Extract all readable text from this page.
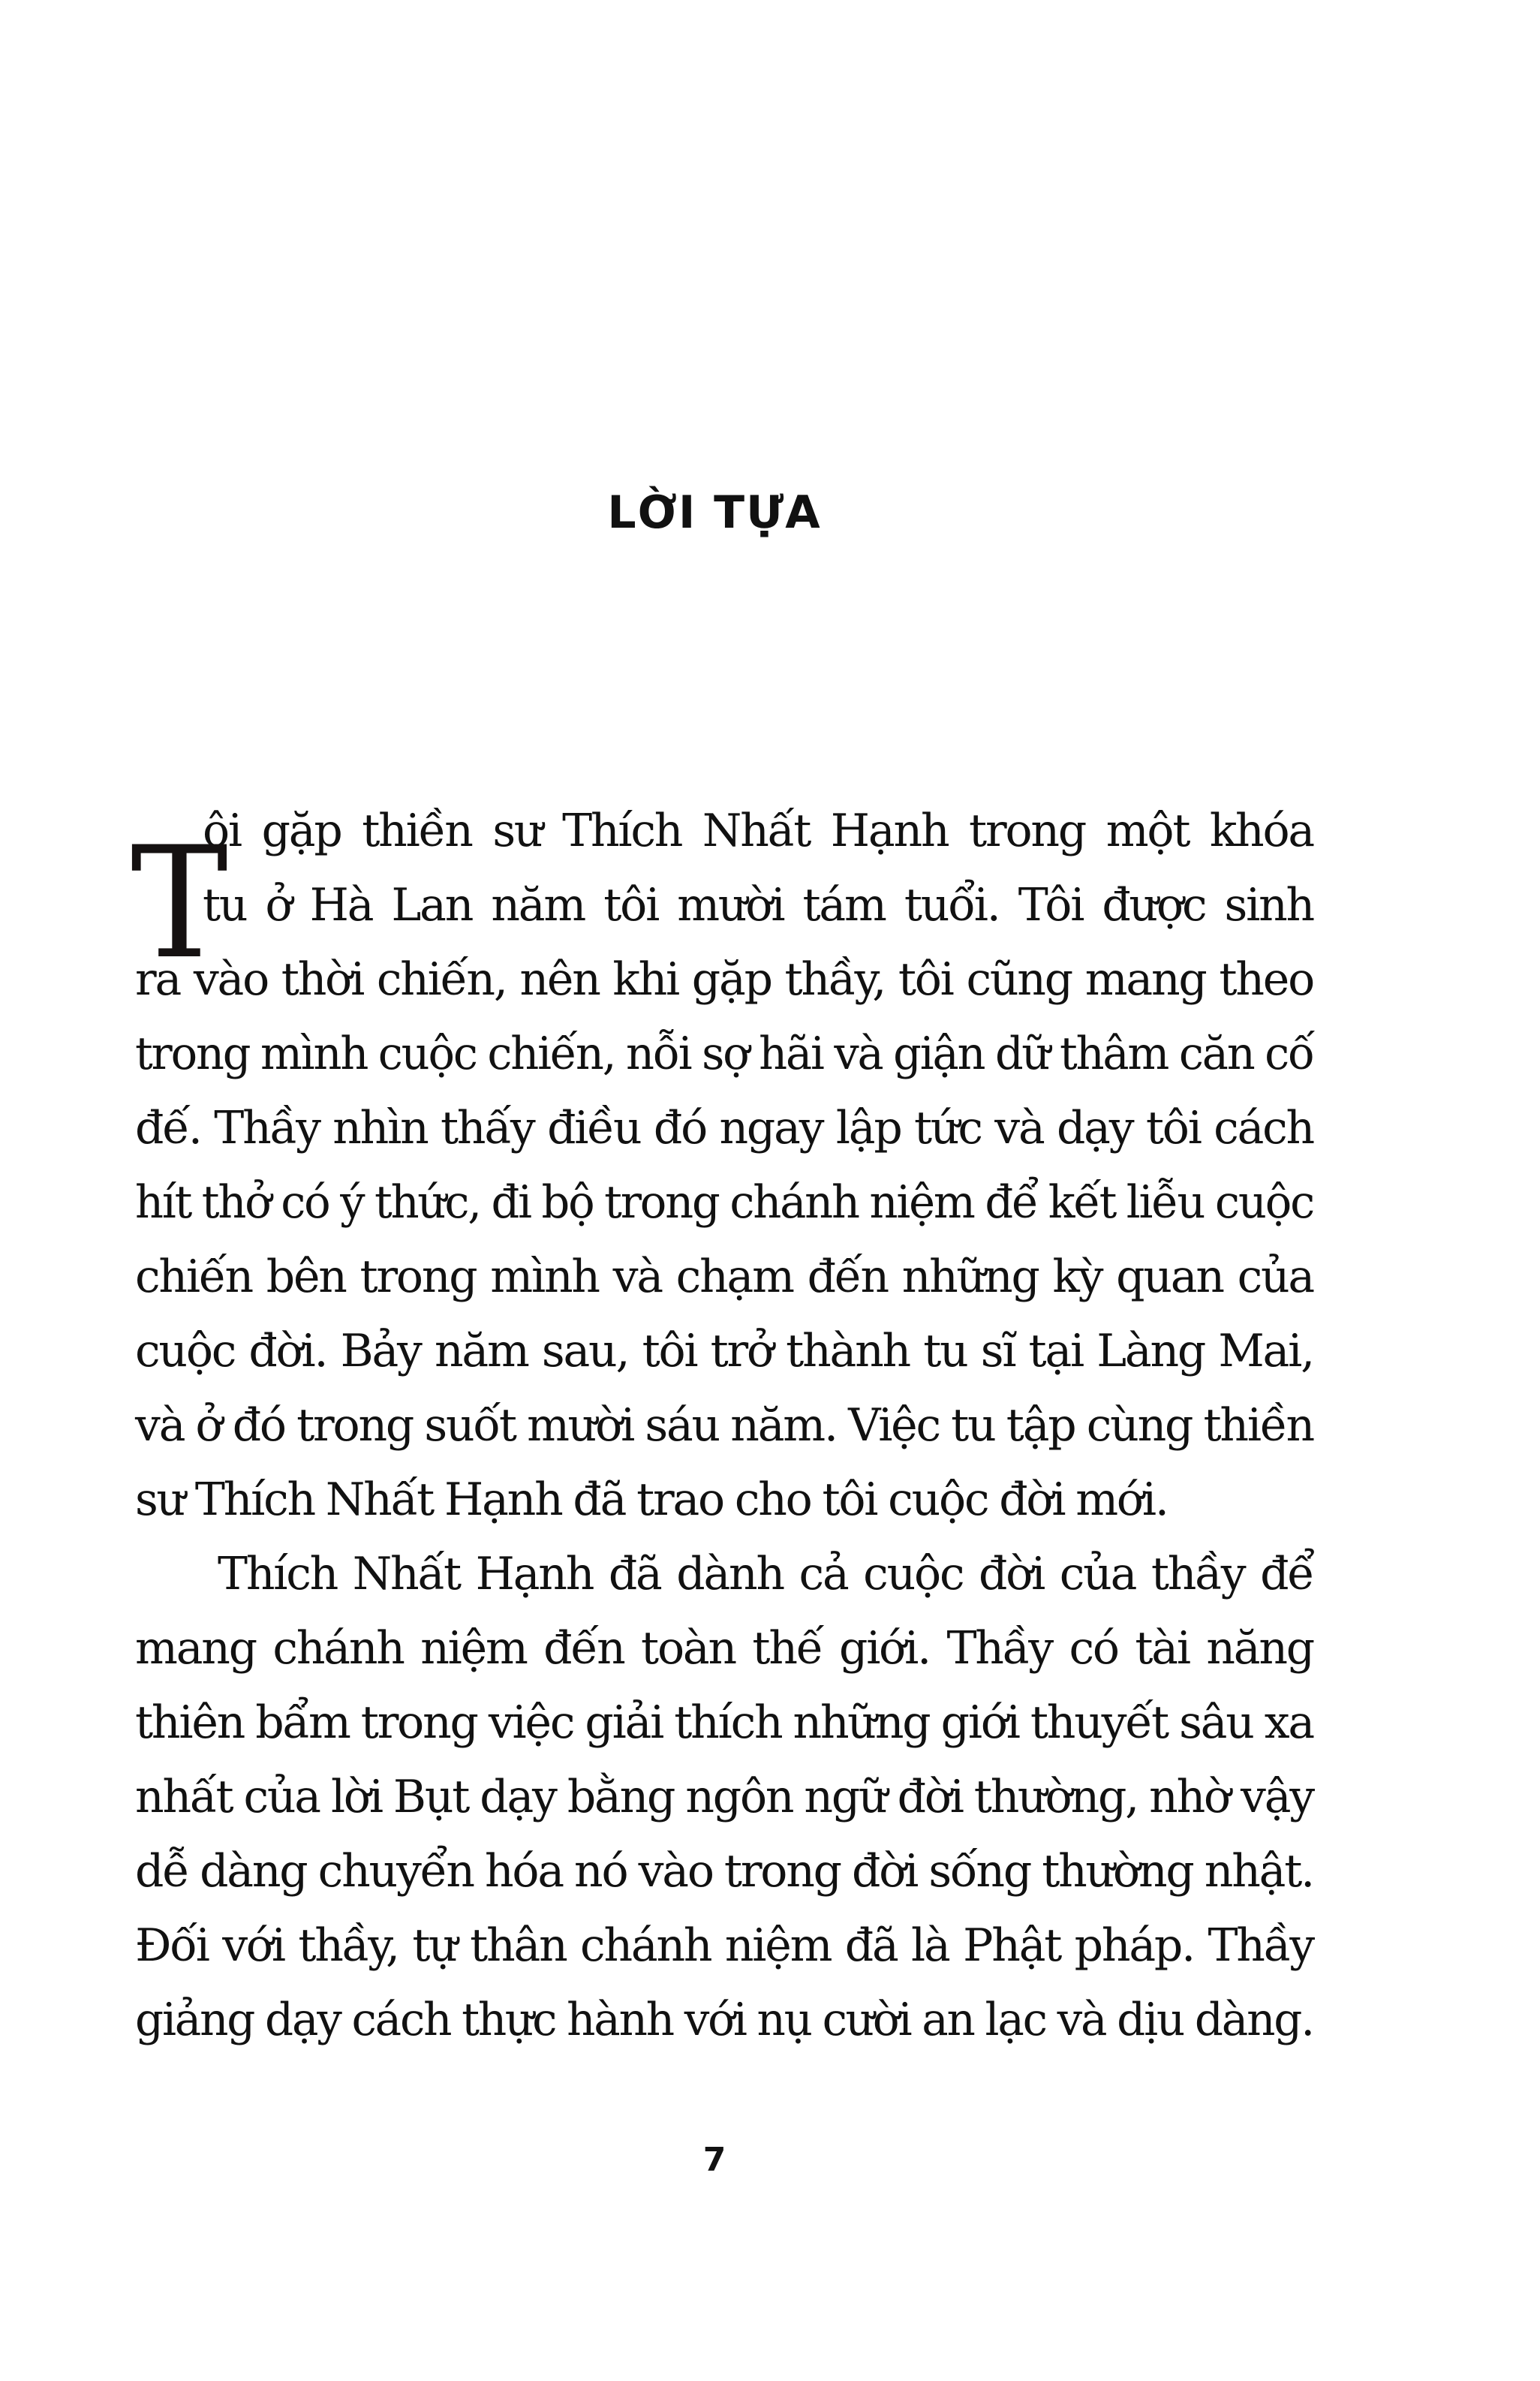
LỜI TỰA
T
ôi gặp thiền sư Thích Nhất Hạnh trong một khóa
tu ở Hà Lan năm tôi mười tám tuổi. Tôi được sinh
ra vào thời chiến, nên khi gặp thầy, tôi cũng mang theo
trong mình cuộc chiến, nỗi sợ hãi và giận dữ thâm căn cố
đế. Thầy nhìn thấy điều đó ngay lập tức và dạy tôi cách
hít thở có ý thức, đi bộ trong chánh niệm để kết liễu cuộc
chiến bên trong mình và chạm đến những kỳ quan của
cuộc đời. Bảy năm sau, tôi trở thành tu sĩ tại Làng Mai,
và ở đó trong suốt mười sáu năm. Việc tu tập cùng thiền
sư Thích Nhất Hạnh đã trao cho tôi cuộc đời mới.
Thích Nhất Hạnh đã dành cả cuộc đời của thầy để
mang chánh niệm đến toàn thế giới. Thầy có tài năng
thiên bẩm trong việc giải thích những giới thuyết sâu xa
nhất của lời Bụt dạy bằng ngôn ngữ đời thường, nhờ vậy
dễ dàng chuyển hóa nó vào trong đời sống thường nhật.
Đối với thầy, tự thân chánh niệm đã là Phật pháp. Thầy
giảng dạy cách thực hành với nụ cười an lạc và dịu dàng.
7
